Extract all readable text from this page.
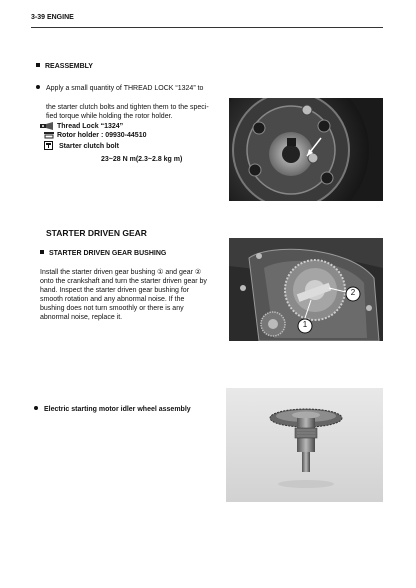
3-39 ENGINE
REASSEMBLY
Apply a small quantity of THREAD LOCK “1324” to
the starter clutch bolts and tighten them to the speci-
fied torque while holding the rotor holder.
Thread Lock “1324”
Rotor holder : 09930-44510
Starter clutch bolt
23~28 N m(2.3~2.8 kg m)
STARTER DRIVEN GEAR
STARTER DRIVEN GEAR BUSHING
Install the starter driven gear bushing ① and gear ②
onto the crankshaft and turn the starter driven gear by
hand. Inspect the starter driven gear bushing for
smooth rotation and any abnormal noise. If the
bushing does not turn smoothly or there is any
abnormal noise, replace it.
2
1
Electric starting motor idler wheel assembly
